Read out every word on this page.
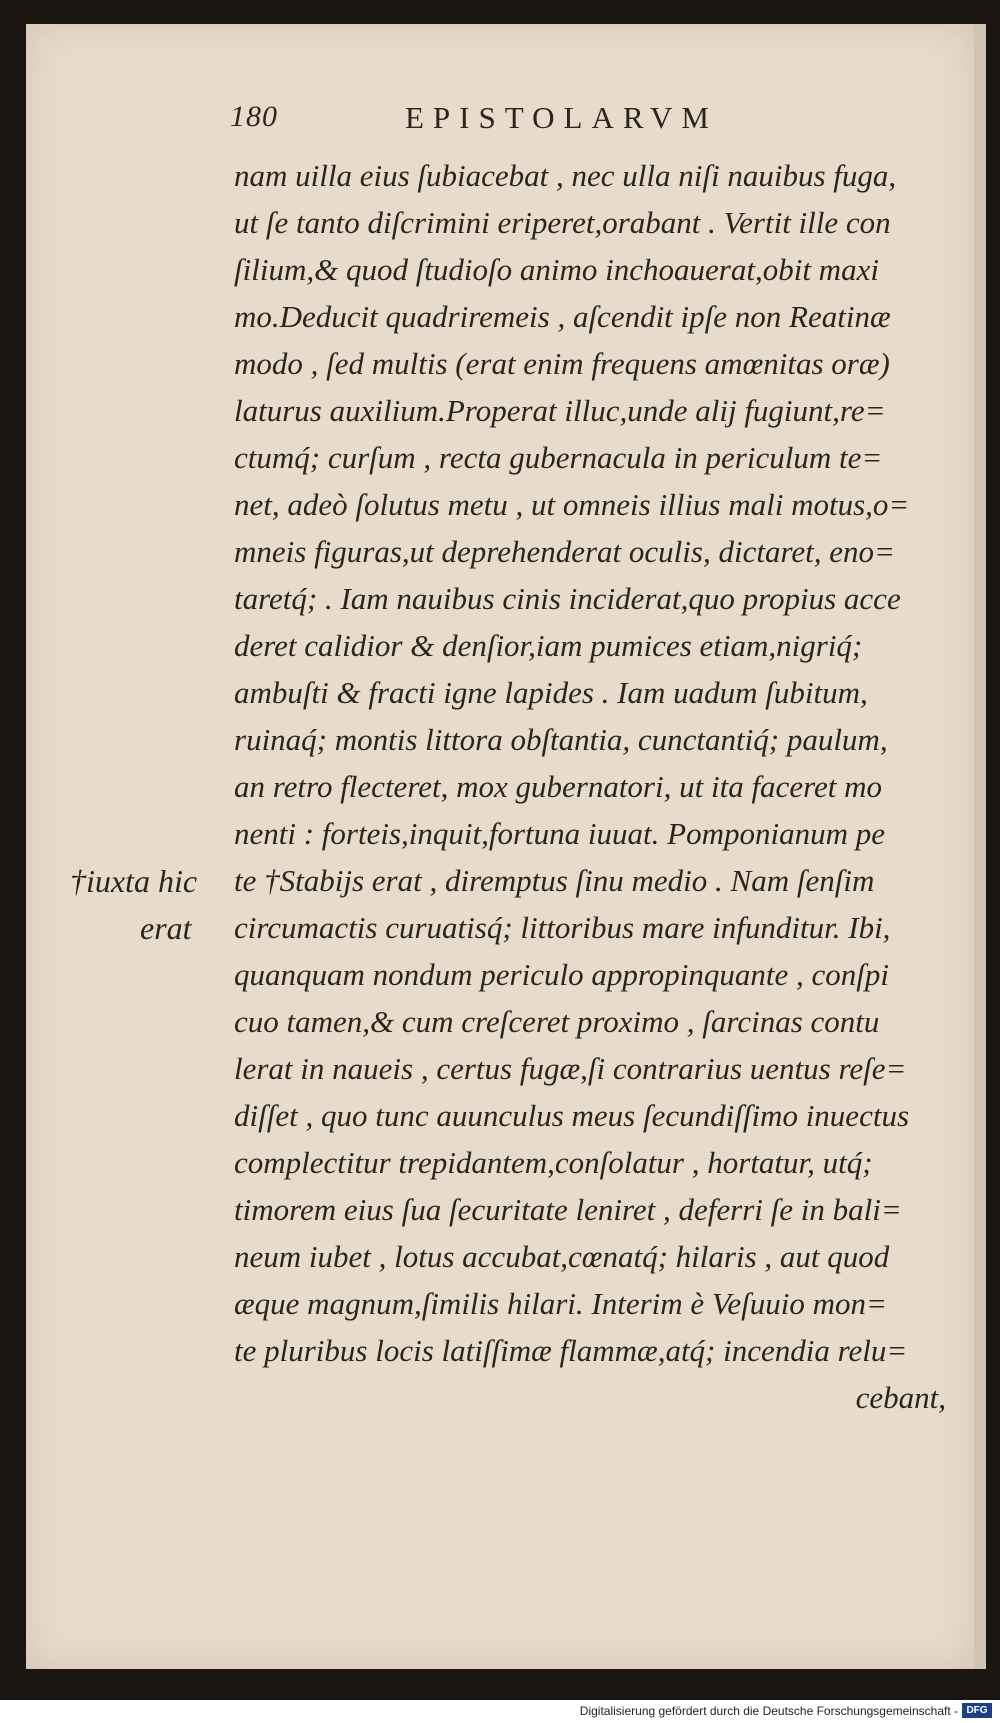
180	EPISTOLARVM
nam uilla eius ſubiacebat , nec ulla niſi nauibus fuga,
ut ſe tanto diſcrimini eriperet,orabant . Vertit ille con
ſilium,& quod ſtudioſo animo inchoauerat,obit maxi
mo.Deducit quadriremeis , aſcendit ipſe non Reatinæ
modo , ſed multis (erat enim frequens amœnitas oræ)
laturus auxilium.Properat illuc,unde alij fugiunt,re=
ctumq́; curſum , recta gubernacula in periculum te=
net, adeò ſolutus metu , ut omneis illius mali motus,o=
mneis figuras,ut deprehenderat oculis, dictaret, eno=
taretq́; . Iam nauibus cinis inciderat,quo propius acce
deret calidior & denſior,iam pumices etiam,nigriq́;
ambuſti & fracti igne lapides . Iam uadum ſubitum,
ruinaq́; montis littora obſtantia, cunctantiq́; paulum,
an retro flecteret, mox gubernatori, ut ita faceret mo
nenti : forteis,inquit,fortuna iuuat. Pomponianum pe
te †Stabijs erat , diremptus ſinu medio . Nam ſenſim
circumactis curuatisq́; littoribus mare infunditur. Ibi,
quanquam nondum periculo appropinquante , conſpi
cuo tamen,& cum creſceret proximo , ſarcinas contu
lerat in naueis , certus fugæ,ſi contrarius uentus reſe=
diſſet , quo tunc auunculus meus ſecundiſſimo inuectus
complectitur trepidantem,conſolatur , hortatur, utq́;
timorem eius ſua ſecuritate leniret , deferri ſe in bali=
neum iubet , lotus accubat,cœnatq́; hilaris , aut quod
æque magnum,ſimilis hilari. Interim è Veſuuio mon=
te pluribus locis latiſſimæ flammæ,atq́; incendia relu=
cebant,
†iuxta hic
erat
Digitalisierung gefördert durch die Deutsche Forschungsgemeinschaft - DFG
